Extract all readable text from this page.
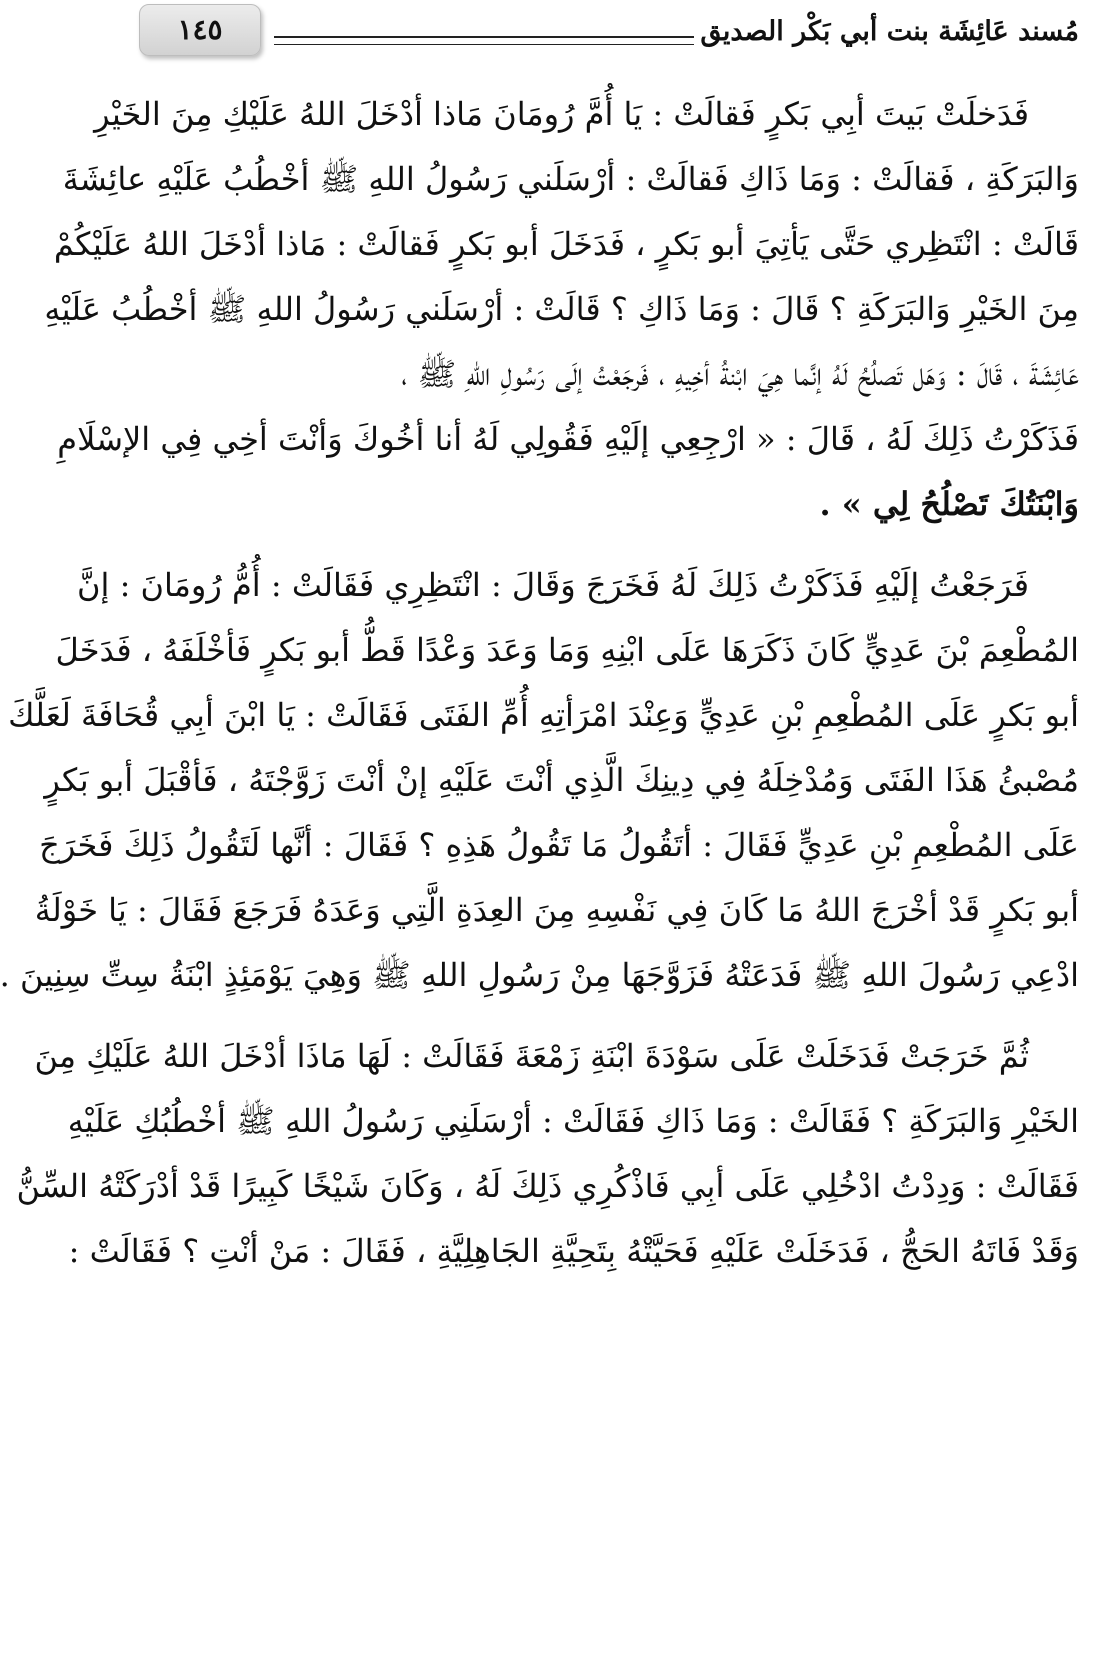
مُسند عَائِشَة بنت أبي بَكْر الصديق
١٤٥

فَدَخلَتْ بَيتَ أبِي بَكرٍ فَقالَتْ : يَا أُمَّ رُومَانَ مَاذا أدْخَلَ اللهُ عَلَيْكِ مِنَ الخَيْرِ
وَالبَرَكَةِ ، فَقالَتْ : وَمَا ذَاكِ فَقالَتْ : أرْسَلَني رَسُولُ اللهِ ﷺ أخْطُبُ عَلَيْهِ عائِشَةَ
قَالَتْ : انْتَظِري حَتَّى يَأتِيَ أبو بَكرٍ ، فَدَخَلَ أبو بَكرٍ فَقالَتْ : مَاذا أدْخَلَ اللهُ عَلَيْكُمْ
مِنَ الخَيْرِ وَالبَرَكَةِ ؟ قَالَ : وَمَا ذَاكِ ؟ قَالَتْ : أرْسَلَني رَسُولُ اللهِ ﷺ أخْطُبُ عَلَيْهِ
عَائِشَةَ ، قَالَ : وَهَل تَصلُحُ لَهُ إنَّما هِيَ ابْنةُ أخِيهِ ، فَرجَعْتُ إلَى رَسُولِ اللهِ ﷺ ،
فَذَكَرْتُ ذَلِكَ لَهُ ، قَالَ : « ارْجِعِي إلَيْهِ فَقُولِي لَهُ أنا أخُوكَ وَأنْتَ أخِي فِي الإسْلَامِ
وَابْنَتُكَ تَصْلُحُ لِي » .

فَرَجَعْتُ إلَيْهِ فَذَكَرْتُ ذَلِكَ لَهُ فَخَرَجَ وَقَالَ : انْتَظِرِي فَقَالَتْ : أُمُّ رُومَانَ : إنَّ
المُطْعِمَ بْنَ عَدِيٍّ كَانَ ذَكَرَهَا عَلَى ابْنِهِ وَمَا وَعَدَ وَعْدًا قَطُّ أبو بَكرٍ فَأخْلَفَهُ ، فَدَخَلَ
أبو بَكرٍ عَلَى المُطْعِمِ بْنِ عَدِيٍّ وَعِنْدَ امْرَأتِهِ أُمِّ الفَتَى فَقَالَتْ : يَا ابْنَ أبِي قُحَافَةَ لَعَلَّكَ
مُصْبئُ هَذَا الفَتَى وَمُدْخِلَهُ فِي دِينِكَ الَّذِي أنْتَ عَلَيْهِ إنْ أنْتَ زَوَّجْتَهُ ، فَأقْبَلَ أبو بَكرٍ
عَلَى المُطْعِمِ بْنِ عَدِيٍّ فَقَالَ : أتَقُولُ مَا تَقُولُ هَذِهِ ؟ فَقَالَ : أنَّها لَتَقُولُ ذَلِكَ فَخَرَجَ
أبو بَكرٍ قَدْ أخْرَجَ اللهُ مَا كَانَ فِي نَفْسِهِ مِنَ العِدَةِ الَّتِي وَعَدَهُ فَرَجَعَ فَقَالَ : يَا خَوْلَةُ
ادْعِي رَسُولَ اللهِ ﷺ فَدَعَتْهُ فَزَوَّجَهَا مِنْ رَسُولِ اللهِ ﷺ وَهِيَ يَوْمَئِذٍ ابْنَةُ سِتِّ سِنِينَ .

ثُمَّ خَرَجَتْ فَدَخَلَتْ عَلَى سَوْدَةَ ابْنَةِ زَمْعَةَ فَقَالَتْ : لَهَا مَاذَا أدْخَلَ اللهُ عَلَيْكِ مِنَ
الخَيْرِ وَالبَرَكَةِ ؟ فَقَالَتْ : وَمَا ذَاكِ فَقَالَتْ : أرْسَلَنِي رَسُولُ اللهِ ﷺ أخْطُبُكِ عَلَيْهِ
فَقَالَتْ : وَدِدْتُ ادْخُلِي عَلَى أبِي فَاذْكُرِي ذَلِكَ لَهُ ، وَكَانَ شَيْخًا كَبِيرًا قَدْ أدْرَكَتْهُ السِّنُّ
وَقَدْ فَاتَهُ الحَجُّ ، فَدَخَلَتْ عَلَيْهِ فَحَيَّتْهُ بِتَحِيَّةِ الجَاهِلِيَّةِ ، فَقَالَ : مَنْ أنْتِ ؟ فَقَالَتْ :
